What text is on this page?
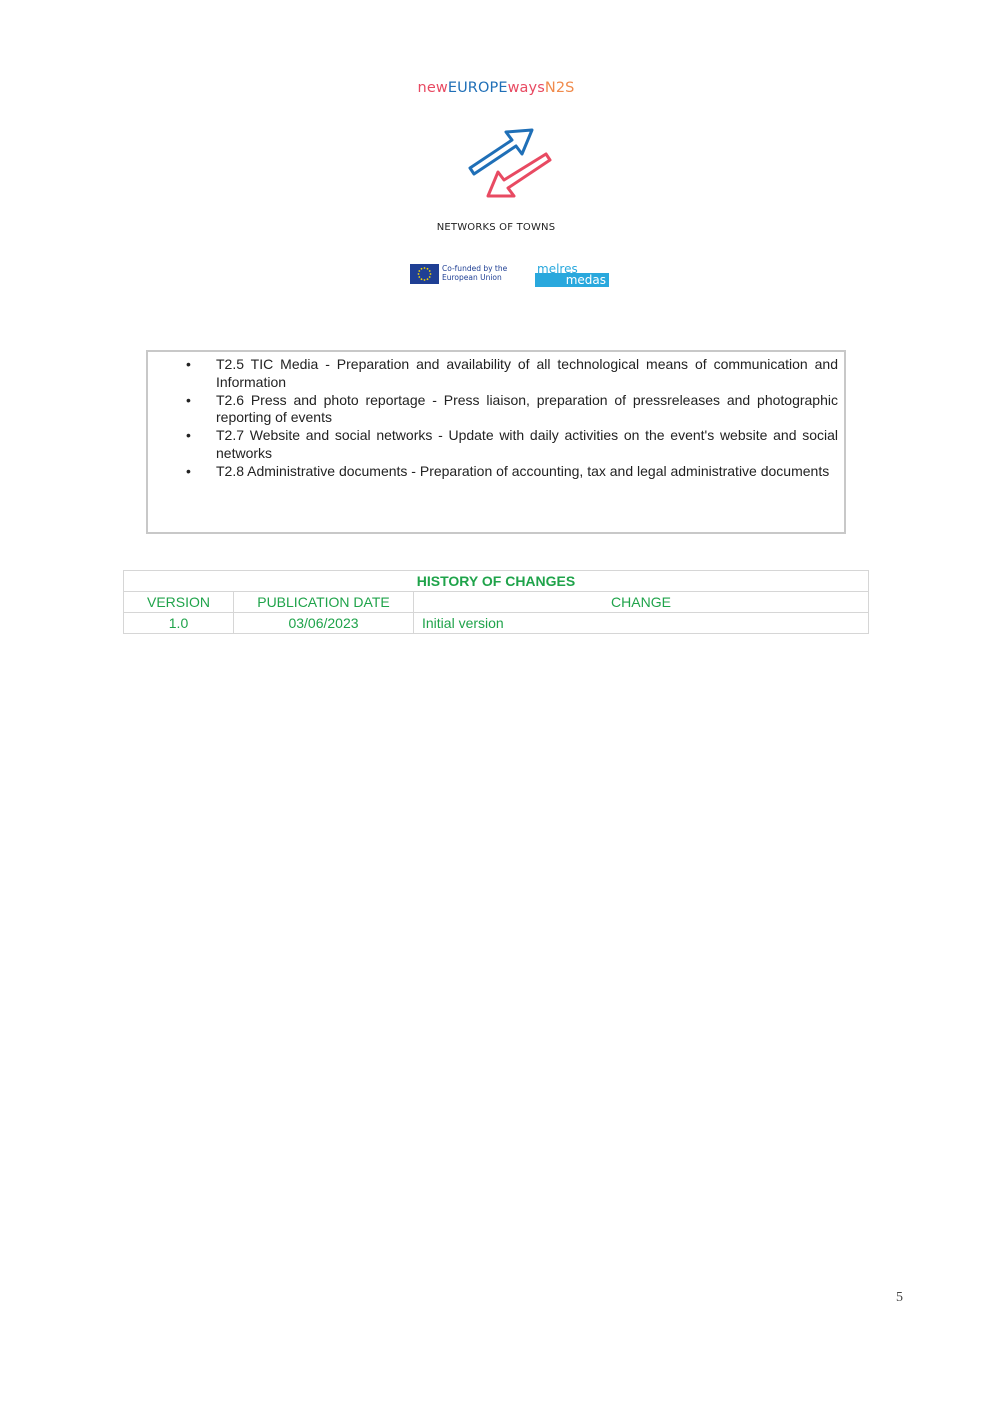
newEUROPEwaysN2S
NETWORKS OF TOWNS
Co-funded by the
European Union
melres
medas
• T2.5 TIC Media - Preparation and availability of all technological means of communication and Information
• T2.6 Press and photo reportage - Press liaison, preparation of pressreleases and photographic reporting of events
• T2.7 Website and social networks - Update with daily activities on the event's website and social networks
• T2.8 Administrative documents - Preparation of accounting, tax and legal administrative documents
HISTORY OF CHANGES		
VERSION	PUBLICATION DATE	CHANGE
1.0	03/06/2023	Initial version
5
